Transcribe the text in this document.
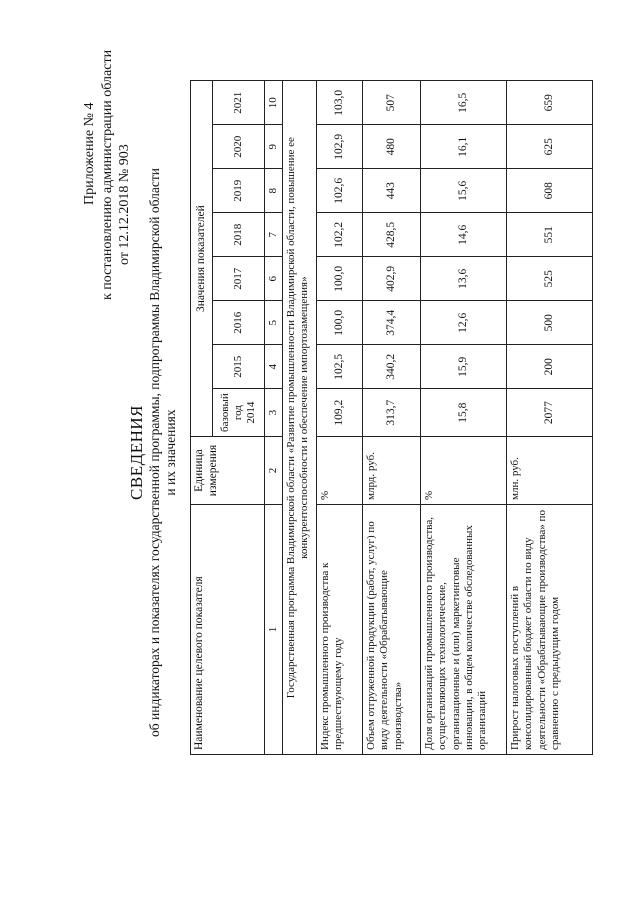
Приложение № 4 к постановлению администрации области от 12.12.2018 № 903
СВЕДЕНИЯ об индикаторах и показателях государственной программы, подпрограммы Владимирской области и их значениях
Наименование целевого показателя	Единица измерения	Значения показателей							
		базовый год 2014	2015	2016	2017	2018	2019	2020	2021
1	2	3	4	5	6	7	8	9	10
Государственная программа Владимирской области «Развитие промышленности Владимирской области, повышение ее конкурентоспособности и обеспечение импортозамещения»									
Индекс промышленного производства к предшествующему году	%	109,2	102,5	100,0	100,0	102,2	102,6	102,9	103,0
Объем отгруженной продукции (работ, услуг) по виду деятельности «Обрабатывающие производства»	млрд. руб.	313,7	340,2	374,4	402,9	428,5	443	480	507
Доля организаций промышленного производства, осуществляющих технологические, организационные и (или) маркетинговые инновации, в общем количестве обследованных организаций	%	15,8	15,9	12,6	13,6	14,6	15,6	16,1	16,5
Прирост налоговых поступлений в консолидированный бюджет области по виду деятельности «Обрабатывающие производства» по сравнению с предыдущим годом	млн. руб.	2077	200	500	525	551	608	625	659
